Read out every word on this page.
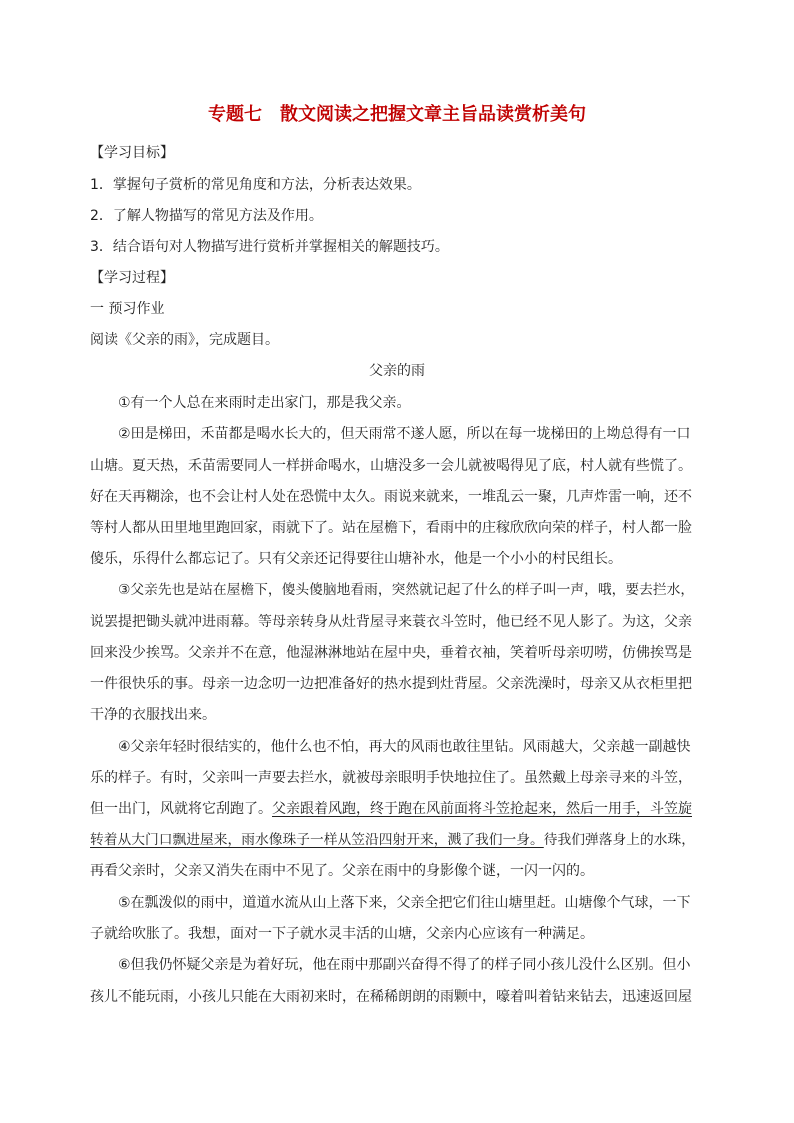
专题七　散文阅读之把握文章主旨品读赏析美句
【学习目标】
1．掌握句子赏析的常见角度和方法，分析表达效果。
2．了解人物描写的常见方法及作用。
3．结合语句对人物描写进行赏析并掌握相关的解题技巧。
【学习过程】
一 预习作业
阅读《父亲的雨》，完成题目。
父亲的雨
①有一个人总在来雨时走出家门，那是我父亲。
②田是梯田，禾苗都是喝水长大的，但天雨常不遂人愿，所以在每一垅梯田的上坳总得有一口
山塘。夏天热，禾苗需要同人一样拼命喝水，山塘没多一会儿就被喝得见了底，村人就有些慌了。
好在天再糊涂，也不会让村人处在恐慌中太久。雨说来就来，一堆乱云一聚，几声炸雷一响，还不
等村人都从田里地里跑回家，雨就下了。站在屋檐下，看雨中的庄稼欣欣向荣的样子，村人都一脸
傻乐，乐得什么都忘记了。只有父亲还记得要往山塘补水，他是一个小小的村民组长。
③父亲先也是站在屋檐下，傻头傻脑地看雨，突然就记起了什么的样子叫一声，哦，要去拦水，
说罢提把锄头就冲进雨幕。等母亲转身从灶背屋寻来蓑衣斗笠时，他已经不见人影了。为这，父亲
回来没少挨骂。父亲并不在意，他湿淋淋地站在屋中央，垂着衣袖，笑着听母亲叨唠，仿佛挨骂是
一件很快乐的事。母亲一边念叨一边把准备好的热水提到灶背屋。父亲洗澡时，母亲又从衣柜里把
干净的衣服找出来。
④父亲年轻时很结实的，他什么也不怕，再大的风雨也敢往里钻。风雨越大，父亲越一副越快
乐的样子。有时，父亲叫一声要去拦水，就被母亲眼明手快地拉住了。虽然戴上母亲寻来的斗笠，
但一出门，风就将它刮跑了。父亲跟着风跑，终于跑在风前面将斗笠抢起来，然后一用手，斗笠旋
转着从大门口飘进屋来，雨水像珠子一样从笠沿四射开来，溅了我们一身。待我们弹落身上的水珠，
再看父亲时，父亲又消失在雨中不见了。父亲在雨中的身影像个谜，一闪一闪的。
⑤在瓢泼似的雨中，道道水流从山上落下来，父亲全把它们往山塘里赶。山塘像个气球，一下
子就给吹胀了。我想，面对一下子就水灵丰活的山塘，父亲内心应该有一种满足。
⑥但我仍怀疑父亲是为着好玩，他在雨中那副兴奋得不得了的样子同小孩儿没什么区别。但小
孩儿不能玩雨，小孩儿只能在大雨初来时，在稀稀朗朗的雨颗中，嚎着叫着钻来钻去，迅速返回屋
